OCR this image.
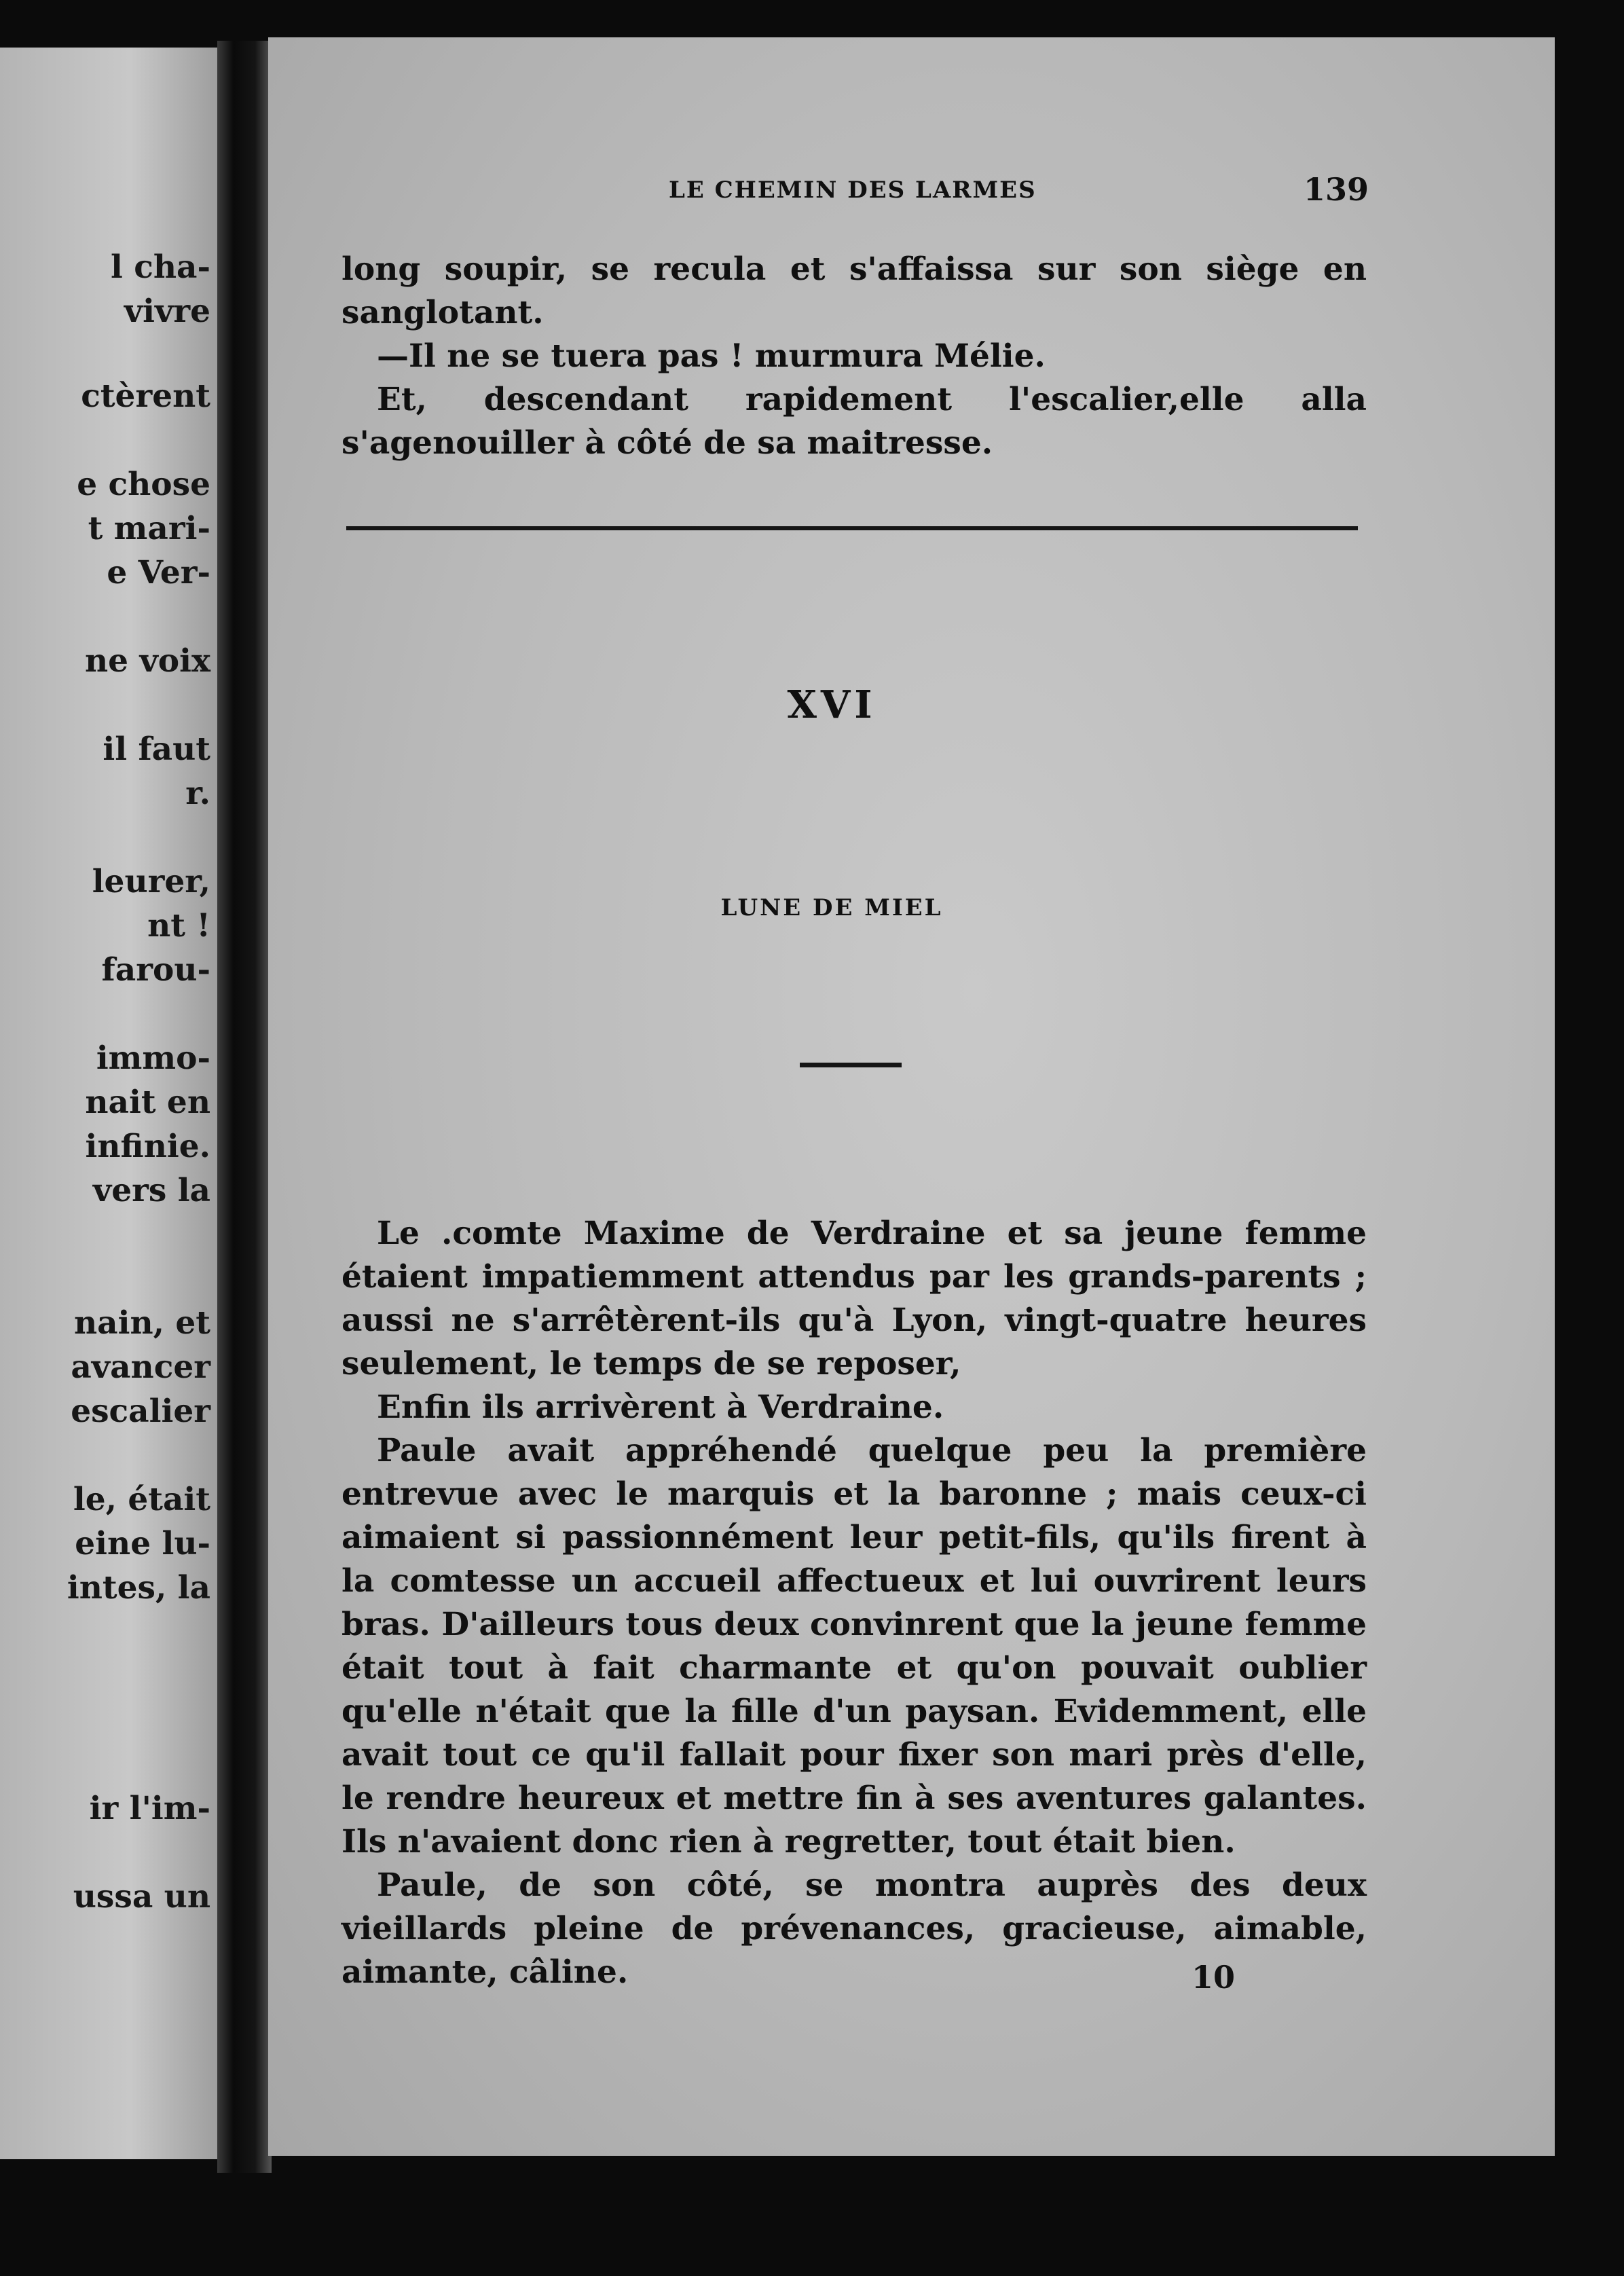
l cha-
vivre
ctèrent
e chose
t mari-
e Ver-
ne voix
il faut
r.
leurer,
nt !
farou-
immo-
nait en
infinie.
vers la
nain, et
avancer
escalier
le, était
eine lu-
intes, la
ir l'im-
ussa un
LE CHEMIN DES LARMES	139

long soupir, se recula et s'affaissa sur son siège en sanglotant.

—Il ne se tuera pas ! murmura Mélie.

Et, descendant rapidement l'escalier,elle alla s'agenouiller à côté de sa maitresse.

XVI
LUNE DE MIEL

Le .comte Maxime de Verdraine et sa jeune femme étaient impatiemment attendus par les grands-parents ; aussi ne s'arrêtèrent-ils qu'à Lyon, vingt-quatre heures seulement, le temps de se reposer,

Enfin ils arrivèrent à Verdraine.

Paule avait appréhendé quelque peu la première entrevue avec le marquis et la baronne ; mais ceux-ci aimaient si passionnément leur petit-fils, qu'ils firent à la comtesse un accueil affectueux et lui ouvrirent leurs bras. D'ailleurs tous deux convinrent que la jeune femme était tout à fait charmante et qu'on pouvait oublier qu'elle n'était que la fille d'un paysan. Evidemment, elle avait tout ce qu'il fallait pour fixer son mari près d'elle, le rendre heureux et mettre fin à ses aventures galantes. Ils n'avaient donc rien à regretter, tout était bien.

Paule, de son côté, se montra auprès des deux vieillards pleine de prévenances, gracieuse, aimable, aimante, câline.	10
